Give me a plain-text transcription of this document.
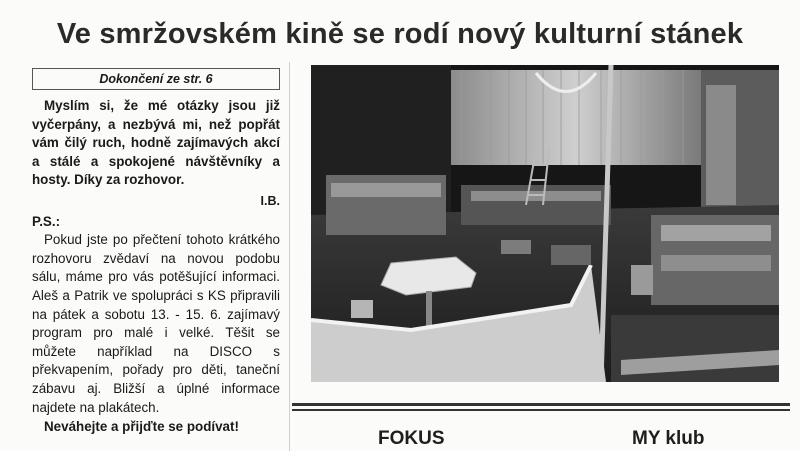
Ve smržovském kině se rodí nový kulturní stánek
Dokončení ze str. 6

Myslím si, že mé otázky jsou již vyčerpány, a nezbývá mi, než popřát vám čilý ruch, hodně zajímavých akcí a stálé a spokojené návštěvníky a hosty. Díky za rozhovor.

I.B.
P.S.:

Pokud jste po přečtení tohoto krátkého rozhovoru zvědaví na novou podobu sálu, máme pro vás potěšující informaci. Aleš a Patrik ve spolupráci s KS připravili na pátek a sobotu 13. - 15. 6. zajímavý program pro malé i velké. Těšit se můžete například na DISCO s překvapením, pořady pro děti, taneční zábavu aj. Bližší a úplné informace najdete na plakátech.

Neváhejte a přijďte se podívat!

FOKUS	MY klub
